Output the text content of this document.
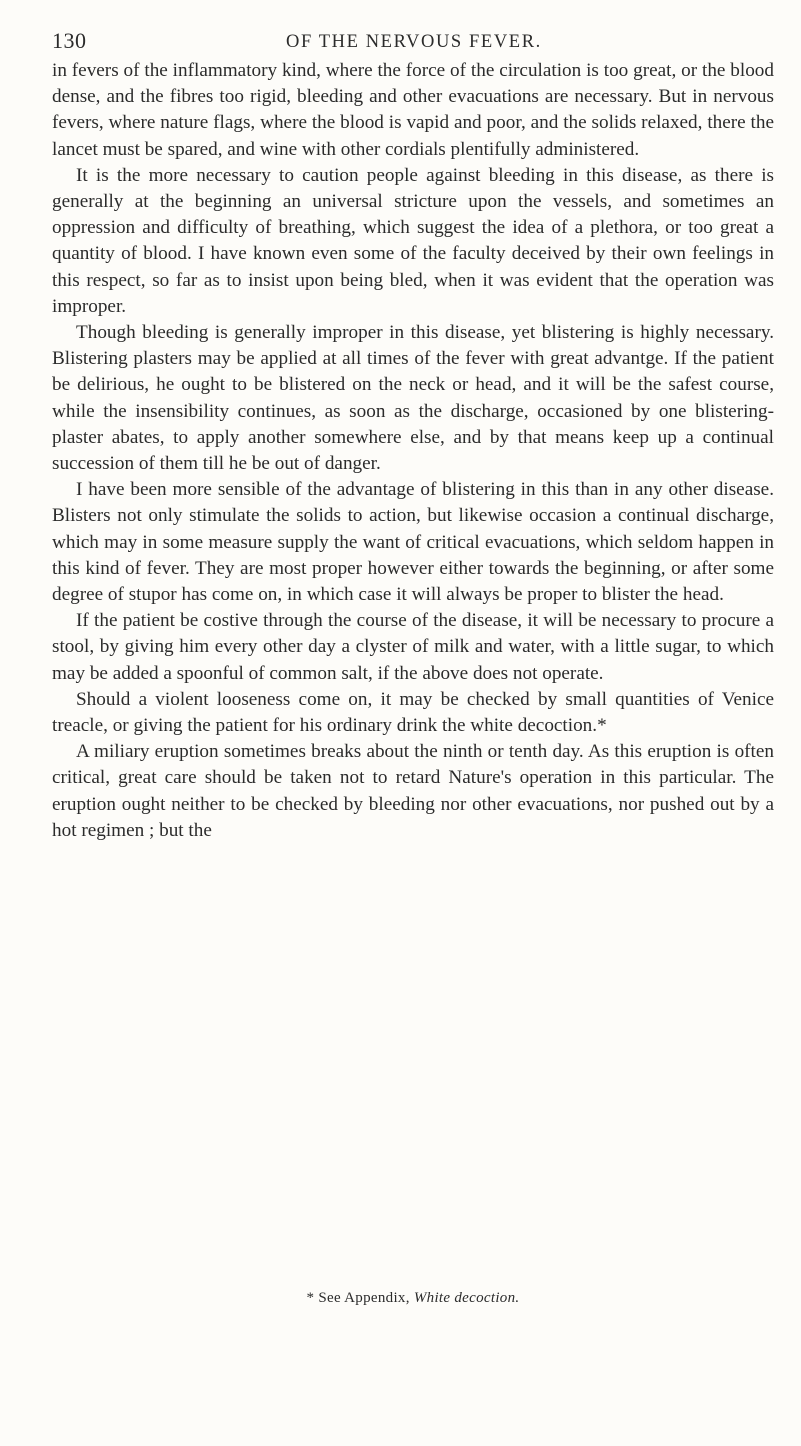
130	OF THE NERVOUS FEVER.

in fevers of the inflammatory kind, where the force of the circulation is too great, or the blood dense, and the fibres too rigid, bleeding and other evacuations are necessary. But in nervous fevers, where nature flags, where the blood is vapid and poor, and the solids relaxed, there the lancet must be spared, and wine with other cordials plentifully administered.

It is the more necessary to caution people against bleeding in this disease, as there is generally at the beginning an universal stricture upon the vessels, and sometimes an oppression and difficulty of breathing, which suggest the idea of a plethora, or too great a quantity of blood. I have known even some of the faculty deceived by their own feelings in this respect, so far as to insist upon being bled, when it was evident that the operation was improper.

Though bleeding is generally improper in this disease, yet blistering is highly necessary. Blistering plasters may be applied at all times of the fever with great advantge. If the patient be delirious, he ought to be blistered on the neck or head, and it will be the safest course, while the insensibility continues, as soon as the discharge, occasioned by one blistering-plaster abates, to apply another somewhere else, and by that means keep up a continual succession of them till he be out of danger.

I have been more sensible of the advantage of blistering in this than in any other disease. Blisters not only stimulate the solids to action, but likewise occasion a continual discharge, which may in some measure supply the want of critical evacuations, which seldom happen in this kind of fever. They are most proper however either towards the beginning, or after some degree of stupor has come on, in which case it will always be proper to blister the head.

If the patient be costive through the course of the disease, it will be necessary to procure a stool, by giving him every other day a clyster of milk and water, with a little sugar, to which may be added a spoonful of common salt, if the above does not operate.

Should a violent looseness come on, it may be checked by small quantities of Venice treacle, or giving the patient for his ordinary drink the white decoction.*

A miliary eruption sometimes breaks about the ninth or tenth day. As this eruption is often critical, great care should be taken not to retard Nature's operation in this particular. The eruption ought neither to be checked by bleeding nor other evacuations, nor pushed out by a hot regimen ; but the

* See Appendix, White decoction.
